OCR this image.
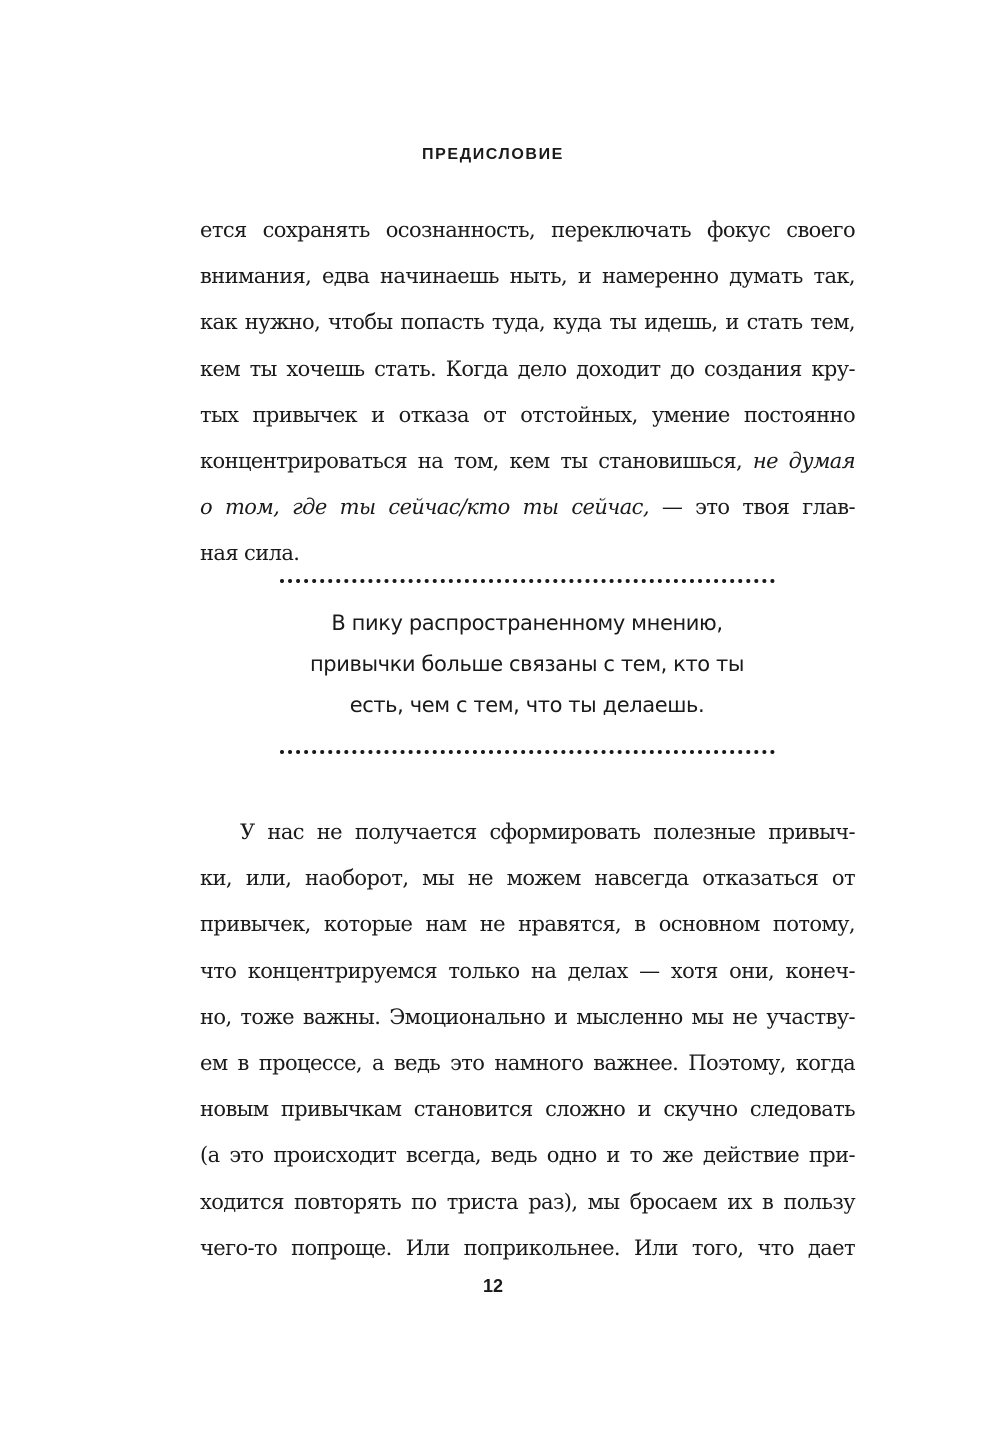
ПРЕДИСЛОВИЕ
ется сохранять осознанность, переключать фокус своего
внимания, едва начинаешь ныть, и намеренно думать так,
как нужно, чтобы попасть туда, куда ты идешь, и стать тем,
кем ты хочешь стать. Когда дело доходит до создания кру-
тых привычек и отказа от отстойных, умение постоянно
концентрироваться на том, кем ты становишься, не думая
о том, где ты сейчас/кто ты сейчас, — это твоя глав-
ная сила.
В пику распространенному мнению,
привычки больше связаны с тем, кто ты
есть, чем с тем, что ты делаешь.
У нас не получается сформировать полезные привыч-
ки, или, наоборот, мы не можем навсегда отказаться от
привычек, которые нам не нравятся, в основном потому,
что концентрируемся только на делах — хотя они, конеч-
но, тоже важны. Эмоционально и мысленно мы не участву-
ем в процессе, а ведь это намного важнее. Поэтому, когда
новым привычкам становится сложно и скучно следовать
(а это происходит всегда, ведь одно и то же действие при-
ходится повторять по триста раз), мы бросаем их в пользу
чего-то попроще. Или поприкольнее. Или того, что дает
12
